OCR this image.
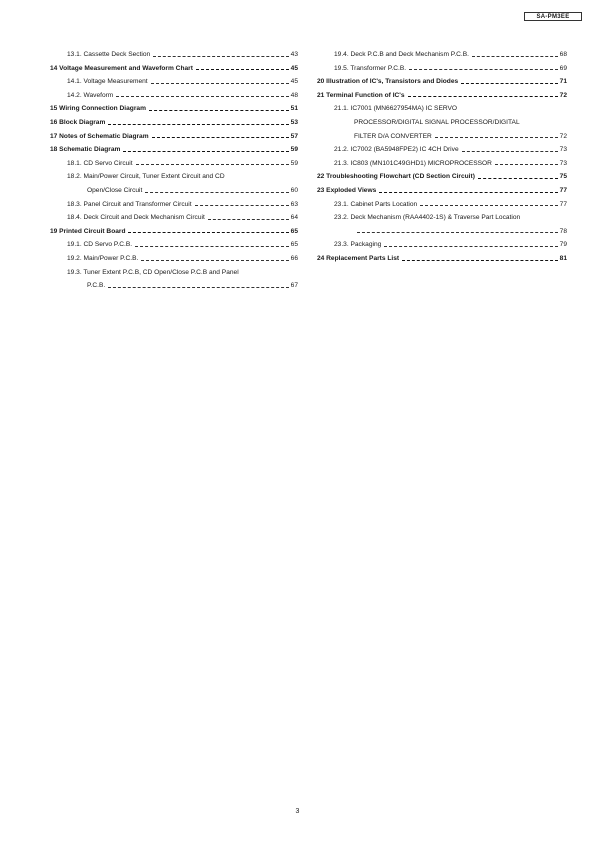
SA-PM3EE
13.1. Cassette Deck Section	43
14 Voltage Measurement and Waveform Chart	45
14.1. Voltage Measurement	45
14.2. Waveform	48
15 Wiring Connection Diagram	51
16 Block Diagram	53
17 Notes of Schematic Diagram	57
18 Schematic Diagram	59
18.1. CD Servo Circuit	59
18.2. Main/Power Circuit, Tuner Extent Circuit and CD
Open/Close Circuit	60
18.3. Panel Circuit and Transformer Circuit	63
18.4. Deck Circuit and Deck Mechanism Circuit	64
19 Printed Circuit Board	65
19.1. CD Servo P.C.B.	65
19.2. Main/Power P.C.B.	66
19.3. Tuner Extent P.C.B, CD Open/Close P.C.B and Panel
P.C.B.	67
19.4. Deck P.C.B and Deck Mechanism P.C.B.	68
19.5. Transformer P.C.B.	69
20 Illustration of IC's, Transistors and Diodes	71
21 Terminal Function of IC's	72
21.1. IC7001 (MN6627954MA) IC SERVO
PROCESSOR/DIGITAL SIGNAL PROCESSOR/DIGITAL
FILTER D/A CONVERTER	72
21.2. IC7002 (BA5948FPE2) IC 4CH Drive	73
21.3. IC803 (MN101C49GHD1) MICROPROCESSOR	73
22 Troubleshooting Flowchart (CD Section Circuit)	75
23 Exploded Views	77
23.1. Cabinet Parts Location	77
23.2. Deck Mechanism (RAA4402-1S) & Traverse Part Location
78
23.3. Packaging	79
24 Replacement Parts List	81
3
